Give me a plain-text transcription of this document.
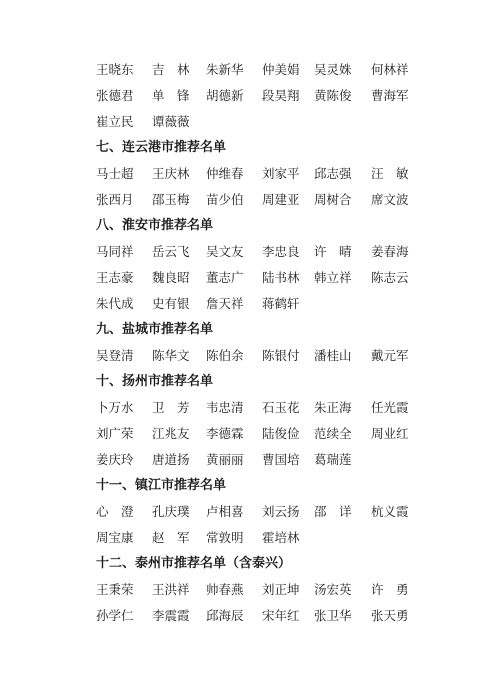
王晓东 吉　林 朱新华 仲美娟 吴灵姝 何林祥
张德君 单　锋 胡德新 段昊翔 黄陈俊 曹海军
崔立民 谭薇薇
七、连云港市推荐名单
马士超 王庆林 仲维春 刘家平 邱志强 汪　敏
张西月 邵玉梅 苗少伯 周建亚 周树合 席文波
八、淮安市推荐名单
马同祥 岳云飞 吴文友 李忠良 许　晴 姜春海
王志豪 魏良昭 董志广 陆书林 韩立祥 陈志云
朱代成 史有银 詹天祥 蒋鹤轩
九、盐城市推荐名单
吴登清 陈华文 陈伯余 陈银付 潘桂山 戴元军
十、扬州市推荐名单
卜万水 卫　芳 韦忠清 石玉花 朱正海 任光霞
刘广荣 江兆友 李德霖 陆俊俭 范续全 周业红
姜庆玲 唐道扬 黄丽丽 曹国培 葛瑞莲
十一、镇江市推荐名单
心　澄 孔庆璞 卢相喜 刘云扬 邵　详 杭义霞
周宝康 赵　军 常敦明 霍培林
十二、泰州市推荐名单（含泰兴）
王秉荣 王洪祥 帅春燕 刘正坤 汤宏英 许　勇
孙学仁 李震霞 邱海辰 宋年红 张卫华 张天勇
